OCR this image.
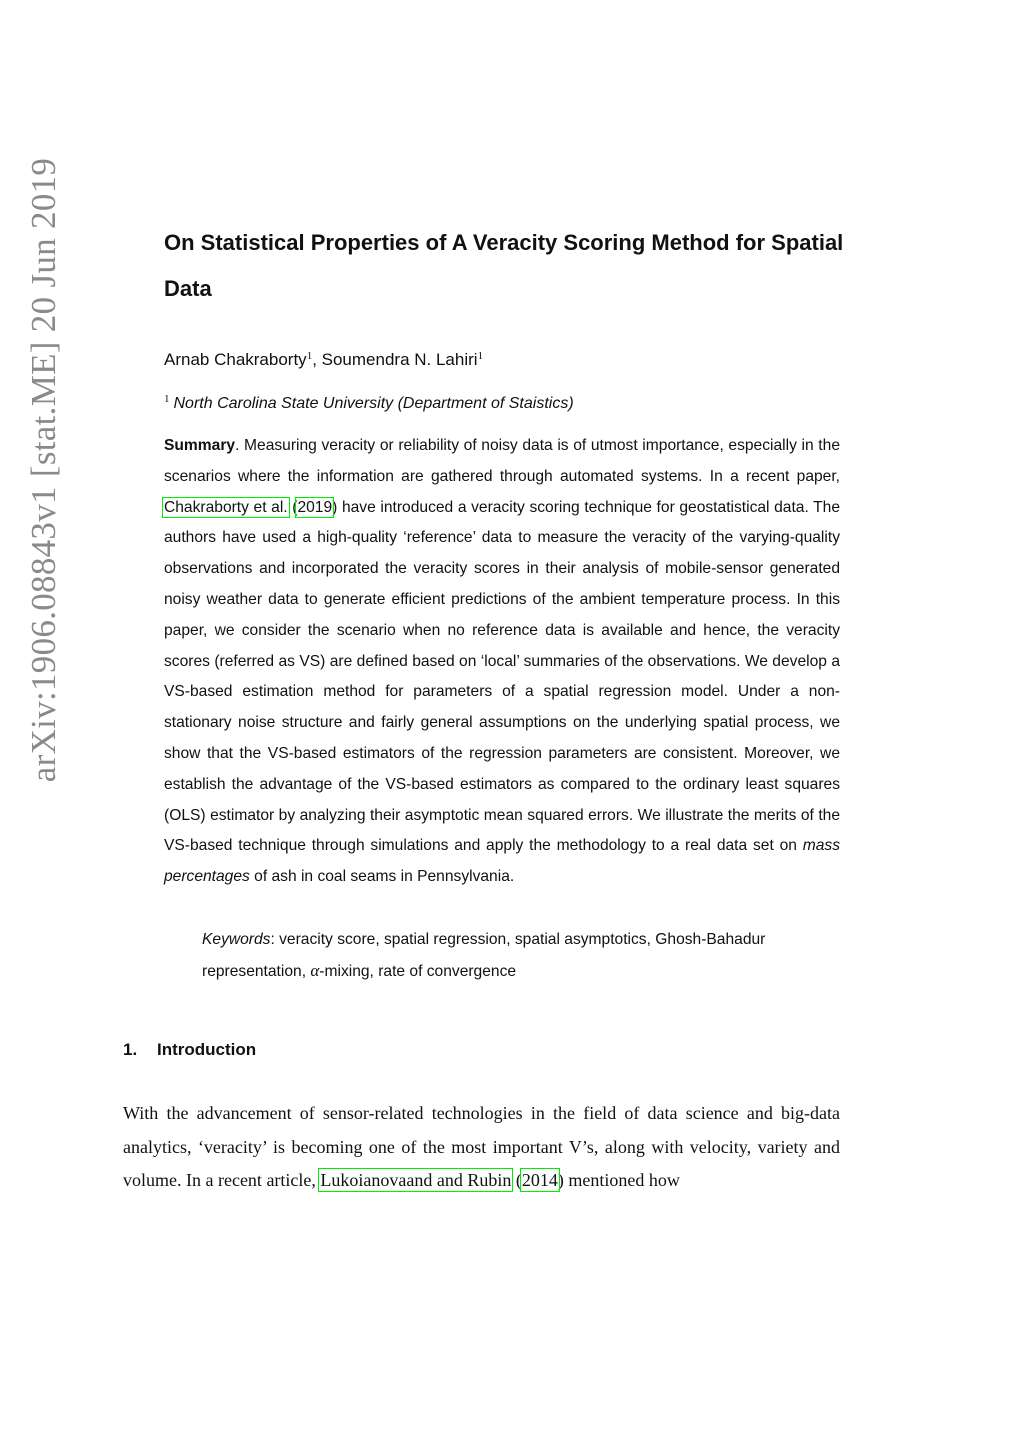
arXiv:1906.08843v1 [stat.ME] 20 Jun 2019	On Statistical Properties of A Veracity Scoring Method for Spatial Data

Arnab Chakraborty$^1$, Soumendra N. Lahiri$^1$

$^1$ North Carolina State University (Department of Staistics)

Summary. Measuring veracity or reliability of noisy data is of utmost importance, especially in the scenarios where the information are gathered through automated systems. In a recent paper, Chakraborty et al. (2019) have introduced a veracity scoring technique for geostatistical data. The authors have used a high-quality ‘reference’ data to measure the veracity of the varying-quality observations and incorporated the veracity scores in their analysis of mobile-sensor generated noisy weather data to generate efficient predictions of the ambient temperature process. In this paper, we consider the scenario when no reference data is available and hence, the veracity scores (referred as VS) are defined based on ‘local’ summaries of the observations. We develop a VS-based estimation method for parameters of a spatial regression model. Under a non-stationary noise structure and fairly general assumptions on the underlying spatial process, we show that the VS-based estimators of the regression parameters are consistent. Moreover, we establish the advantage of the VS-based estimators as compared to the ordinary least squares (OLS) estimator by analyzing their asymptotic mean squared errors. We illustrate the merits of the VS-based technique through simulations and apply the methodology to a real data set on mass percentages of ash in coal seams in Pennsylvania.

Keywords: veracity score, spatial regression, spatial asymptotics, Ghosh-Bahadur representation, α-mixing, rate of convergence

1. Introduction

With the advancement of sensor-related technologies in the field of data science and big-data analytics, ‘veracity’ is becoming one of the most important V’s, along with velocity, variety and volume. In a recent article, Lukoianovaand and Rubin (2014) mentioned how
